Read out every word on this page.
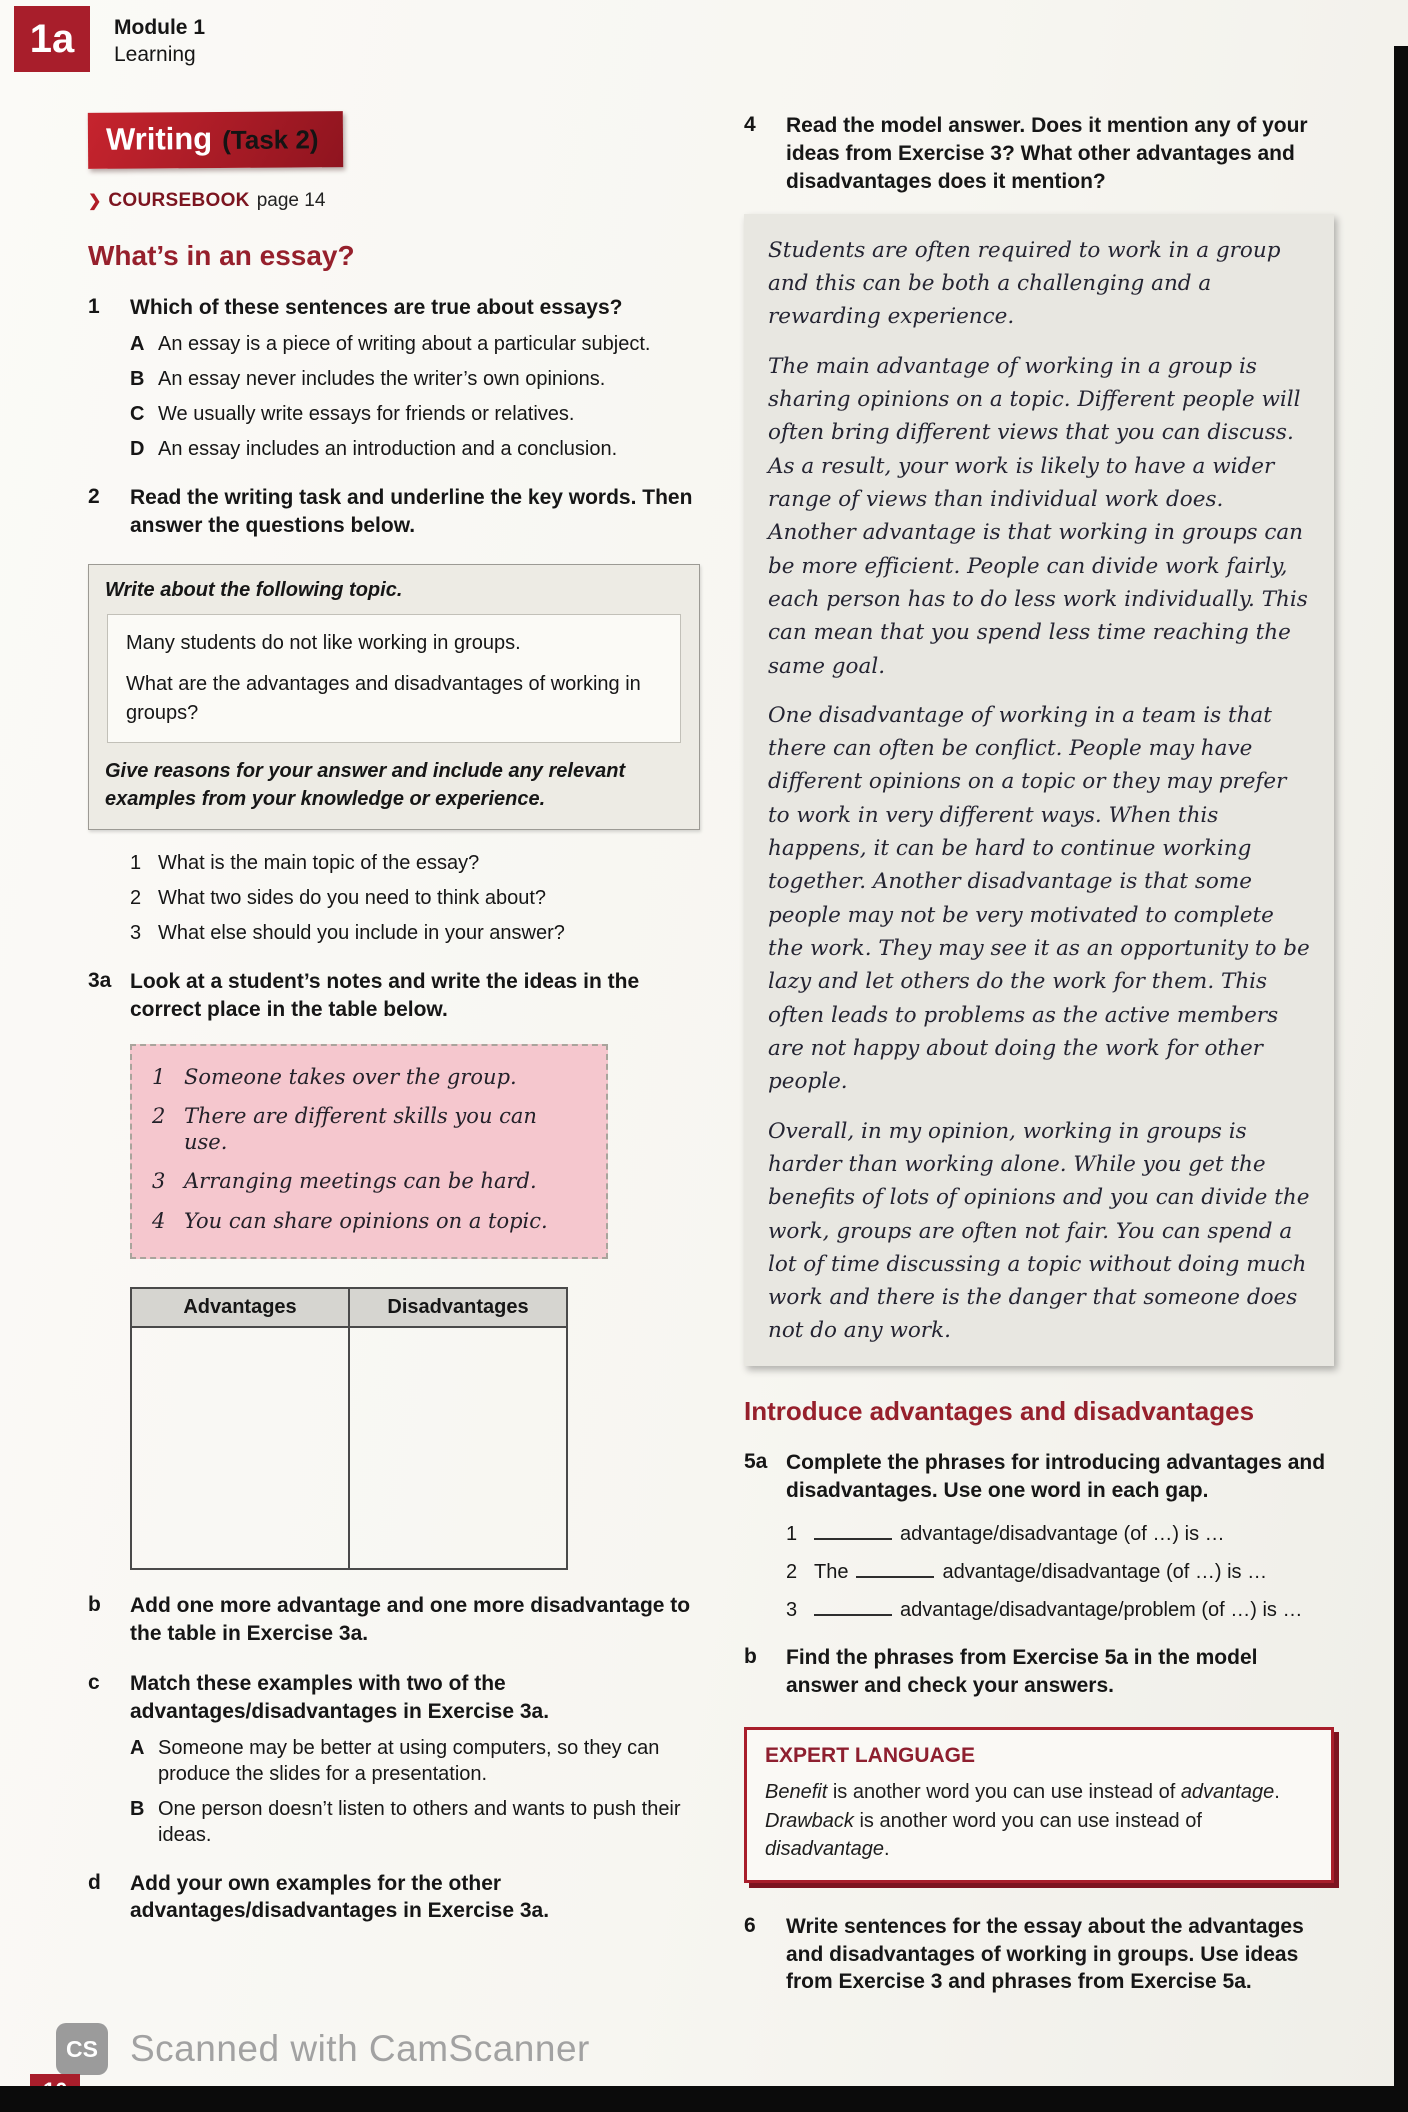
1a	Module 1
Learning
Writing (Task 2)
❯ COURSEBOOK page 14
What’s in an essay?
1	Which of these sentences are true about essays?

A An essay is a piece of writing about a particular subject.
B An essay never includes the writer’s own opinions.
C We usually write essays for friends or relatives.
D An essay includes an introduction and a conclusion.
2	Read the writing task and underline the key words. Then answer the questions below.

Write about the following topic.

Many students do not like working in groups.

What are the advantages and disadvantages of working in groups?

Give reasons for your answer and include any relevant examples from your knowledge or experience.
1 What is the main topic of the essay?
2 What two sides do you need to think about?
3 What else should you include in your answer?
3a Look at a student’s notes and write the ideas in the correct place in the table below.

1 Someone takes over the group.
2 There are different skills you can use.
3 Arranging meetings can be hard.
4 You can share opinions on a topic.
Advantages	Disadvantages

b	Add one more advantage and one more disadvantage to the table in Exercise 3a.

c	Match these examples with two of the advantages/disadvantages in Exercise 3a.

A Someone may be better at using computers, so they can produce the slides for a presentation.
B One person doesn’t listen to others and wants to push their ideas.
d	Add your own examples for the other advantages/disadvantages in Exercise 3a.

4	Read the model answer. Does it mention any of your ideas from Exercise 3? What other advantages and disadvantages does it mention?

Students are often required to work in a group and this can be both a challenging and a rewarding experience.

The main advantage of working in a group is sharing opinions on a topic. Different people will often bring different views that you can discuss. As a result, your work is likely to have a wider range of views than individual work does. Another advantage is that working in groups can be more efficient. People can divide work fairly, each person has to do less work individually. This can mean that you spend less time reaching the same goal.

One disadvantage of working in a team is that there can often be conflict. People may have different opinions on a topic or they may prefer to work in very different ways. When this happens, it can be hard to continue working together. Another disadvantage is that some people may not be very motivated to complete the work. They may see it as an opportunity to be lazy and let others do the work for them. This often leads to problems as the active members are not happy about doing the work for other people.

Overall, in my opinion, working in groups is harder than working alone. While you get the benefits of lots of opinions and you can divide the work, groups are often not fair. You can spend a lot of time discussing a topic without doing much work and there is the danger that someone does not do any work.

Introduce advantages and disadvantages
5a Complete the phrases for introducing advantages and disadvantages. Use one word in each gap.

1	advantage/disadvantage (of …) is …
2 The	advantage/disadvantage (of …) is …
3	advantage/disadvantage/problem (of …) is …
b	Find the phrases from Exercise 5a in the model answer and check your answers.

EXPERT LANGUAGE
Benefit is another word you can use instead of advantage. Drawback is another word you can use instead of disadvantage.
6	Write sentences for the essay about the advantages and disadvantages of working in groups. Use ideas from Exercise 3 and phrases from Exercise 5a.

CS Scanned with CamScanner
